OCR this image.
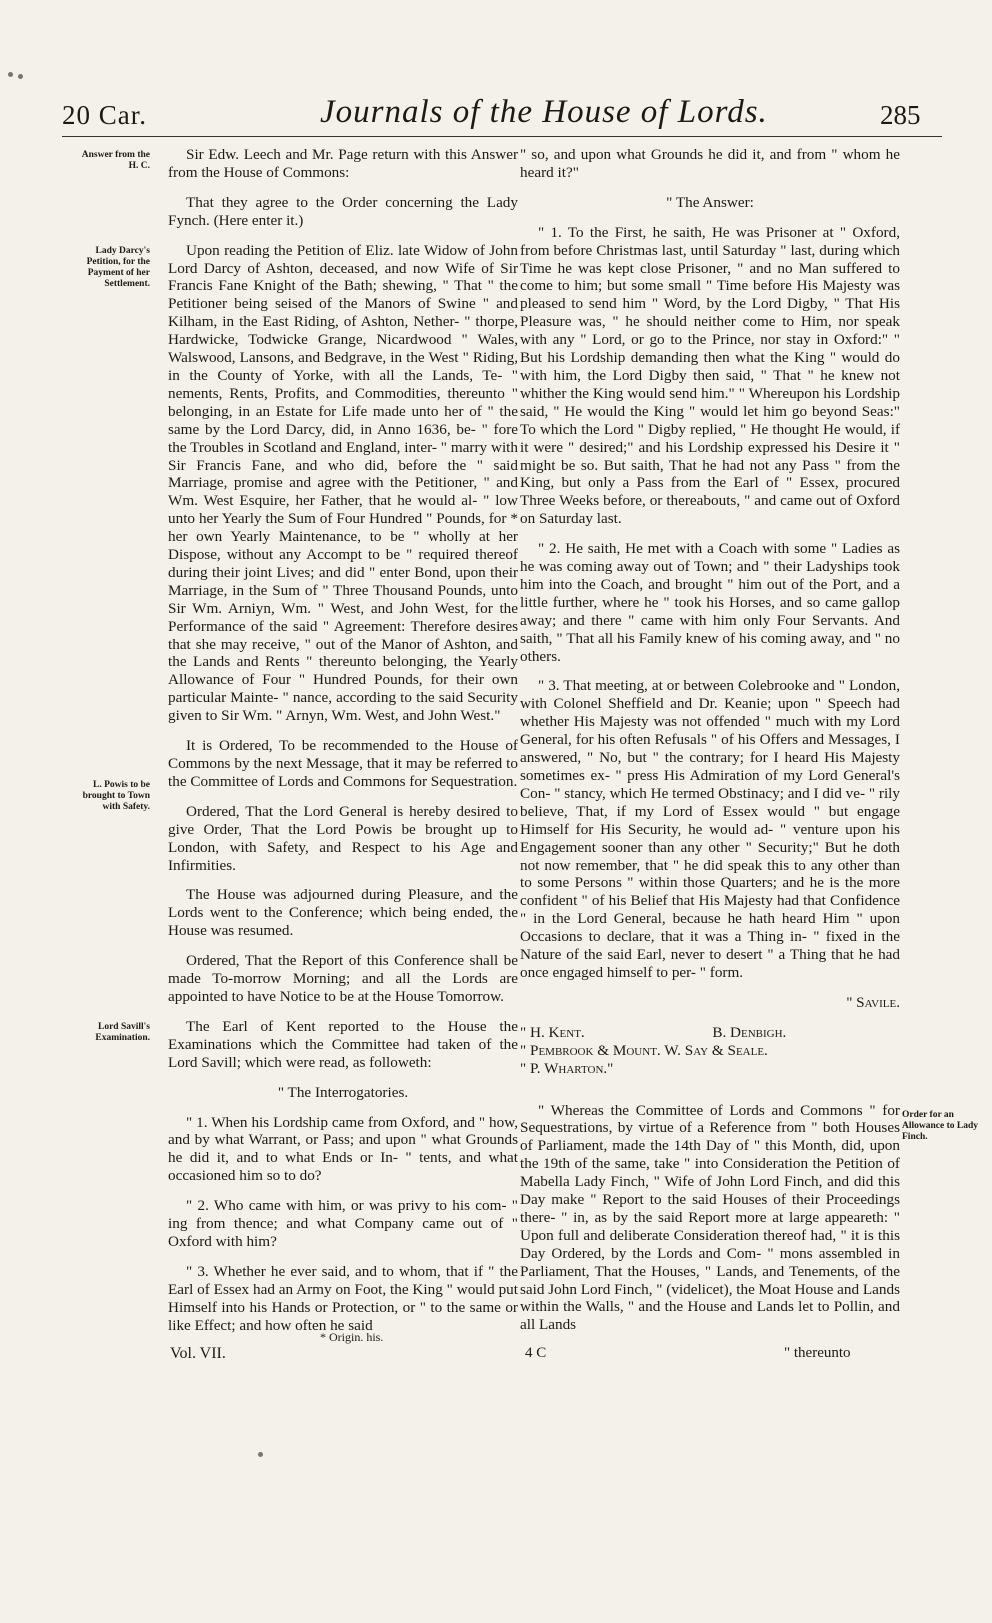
20 Car.	Journals of the House of Lords.	285
Answer from the H. C.
Lady Darcy's Petition, for the Payment of her Settlement.
L. Powis to be brought to Town with Safety.
Lord Savill's Examination.
Order for an Allowance to Lady Finch.

Sir Edw. Leech and Mr. Page return with this Answer from the House of Commons:

That they agree to the Order concerning the Lady Fynch. (Here enter it.)

Upon reading the Petition of Eliz. late Widow of John Lord Darcy of Ashton, deceased, and now Wife of Sir Francis Fane Knight of the Bath; shewing, " That " the Petitioner being seised of the Manors of Swine " and Kilham, in the East Riding, of Ashton, Nether- " thorpe, Hardwicke, Todwicke Grange, Nicardwood " Wales, Walswood, Lansons, and Bedgrave, in the West " Riding, in the County of Yorke, with all the Lands, Te- " nements, Rents, Profits, and Commodities, thereunto " belonging, in an Estate for Life made unto her of " the same by the Lord Darcy, did, in Anno 1636, be- " fore the Troubles in Scotland and England, inter- " marry with Sir Francis Fane, and who did, before the " said Marriage, promise and agree with the Petitioner, " and Wm. West Esquire, her Father, that he would al- " low unto her Yearly the Sum of Four Hundred " Pounds, for * her own Yearly Maintenance, to be " wholly at her Dispose, without any Accompt to be " required thereof during their joint Lives; and did " enter Bond, upon their Marriage, in the Sum of " Three Thousand Pounds, unto Sir Wm. Arniyn, Wm. " West, and John West, for the Performance of the said " Agreement: Therefore desires that she may receive, " out of the Manor of Ashton, and the Lands and Rents " thereunto belonging, the Yearly Allowance of Four " Hundred Pounds, for their own particular Mainte- " nance, according to the said Security given to Sir Wm. " Arnyn, Wm. West, and John West."

It is Ordered, To be recommended to the House of Commons by the next Message, that it may be referred to the Committee of Lords and Commons for Sequestration.

Ordered, That the Lord General is hereby desired to give Order, That the Lord Powis be brought up to London, with Safety, and Respect to his Age and Infirmities.

The House was adjourned during Pleasure, and the Lords went to the Conference; which being ended, the House was resumed.

Ordered, That the Report of this Conference shall be made To-morrow Morning; and all the Lords are appointed to have Notice to be at the House Tomorrow.

The Earl of Kent reported to the House the Examinations which the Committee had taken of the Lord Savill; which were read, as followeth:

" The Interrogatories.

" 1. When his Lordship came from Oxford, and " how, and by what Warrant, or Pass; and upon " what Grounds he did it, and to what Ends or In- " tents, and what occasioned him so to do?

" 2. Who came with him, or was privy to his com- " ing from thence; and what Company came out of " Oxford with him?

" 3. Whether he ever said, and to whom, that if " the Earl of Essex had an Army on Foot, the King " would put Himself into his Hands or Protection, or " to the same or like Effect; and how often he said

" so, and upon what Grounds he did it, and from " whom he heard it?"

" The Answer:

" 1. To the First, he saith, He was Prisoner at " Oxford, from before Christmas last, until Saturday " last, during which Time he was kept close Prisoner, " and no Man suffered to come to him; but some small " Time before His Majesty was pleased to send him " Word, by the Lord Digby, " That His Pleasure was, " he should neither come to Him, nor speak with any " Lord, or go to the Prince, nor stay in Oxford:" " But his Lordship demanding then what the King " would do with him, the Lord Digby then said, " That " he knew not whither the King would send him." " Whereupon his Lordship said, " He would the King " would let him go beyond Seas:" To which the Lord " Digby replied, " He thought He would, if it were " desired;" and his Lordship expressed his Desire it " might be so. But saith, That he had not any Pass " from the King, but only a Pass from the Earl of " Essex, procured Three Weeks before, or thereabouts, " and came out of Oxford on Saturday last.

" 2. He saith, He met with a Coach with some " Ladies as he was coming away out of Town; and " their Ladyships took him into the Coach, and brought " him out of the Port, and a little further, where he " took his Horses, and so came gallop away; and there " came with him only Four Servants. And saith, " That all his Family knew of his coming away, and " no others.

" 3. That meeting, at or between Colebrooke and " London, with Colonel Sheffield and Dr. Keanie; upon " Speech had whether His Majesty was not offended " much with my Lord General, for his often Refusals " of his Offers and Messages, I answered, " No, but " the contrary; for I heard His Majesty sometimes ex- " press His Admiration of my Lord General's Con- " stancy, which He termed Obstinacy; and I did ve- " rily believe, That, if my Lord of Essex would " but engage Himself for His Security, he would ad- " venture upon his Engagement sooner than any other " Security;" But he doth not now remember, that " he did speak this to any other than to some Persons " within those Quarters; and he is the more confident " of his Belief that His Majesty had that Confidence " in the Lord General, because he hath heard Him " upon Occasions to declare, that it was a Thing in- " fixed in the Nature of the said Earl, never to desert " a Thing that he had once engaged himself to per- " form.

" Savile.

" H. Kent.	B. Denbigh.

" Pembrook & Mount. W. Say & Seale.

" P. Wharton."

" Whereas the Committee of Lords and Commons " for Sequestrations, by virtue of a Reference from " both Houses of Parliament, made the 14th Day of " this Month, did, upon the 19th of the same, take " into Consideration the Petition of Mabella Lady Finch, " Wife of John Lord Finch, and did this Day make " Report to the said Houses of their Proceedings there- " in, as by the said Report more at large appeareth: " Upon full and deliberate Consideration thereof had, " it is this Day Ordered, by the Lords and Com- " mons assembled in Parliament, That the Houses, " Lands, and Tenements, of the said John Lord Finch, " (videlicet), the Moat House and Lands within the Walls, " and the House and Lands let to Pollin, and all Lands

* Origin. his.
Vol. VII.	4 C	" thereunto
